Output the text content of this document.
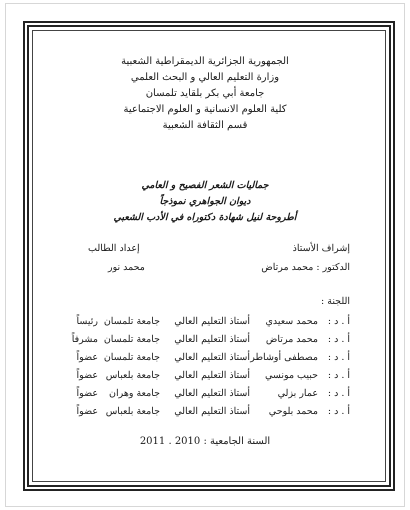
الجمهورية الجزائرية الديمقراطية الشعبية
وزارة التعليم العالي و البحث العلمي
جامعة أبي بكر بلقايد تلمسان
كلية العلوم الانسانية و العلوم الاجتماعية
قسم الثقافة الشعبية
جماليات الشعر الفصيح و العامي
ديوان الجواهري نموذجاً
أطروحة لنيل شهادة دكتوراه في الأدب الشعبي
إشراف الأستاذ
الدكتور : محمد مرتاض
إعداد الطالب
محمد نور
اللجنة :
أ . د :
محمد سعيدي
أستاذ التعليم العالي
جامعة تلمسان
رئيساً
أ . د :
محمد مرتاض
أستاذ التعليم العالي
جامعة تلمسان
مشرفاً
أ . د :
مصطفى أوشاطر
أستاذ التعليم العالي
جامعة تلمسان
عضواً
أ . د :
حبيب مونسي
أستاذ التعليم العالي
جامعة بلعباس
عضواً
أ . د :
عمار بزلي
أستاذ التعليم العالي
جامعة وهران
عضواً
أ . د :
محمد بلوحي
أستاذ التعليم العالي
جامعة بلعباس
عضواً
السنة الجامعية : 2010 . 2011
